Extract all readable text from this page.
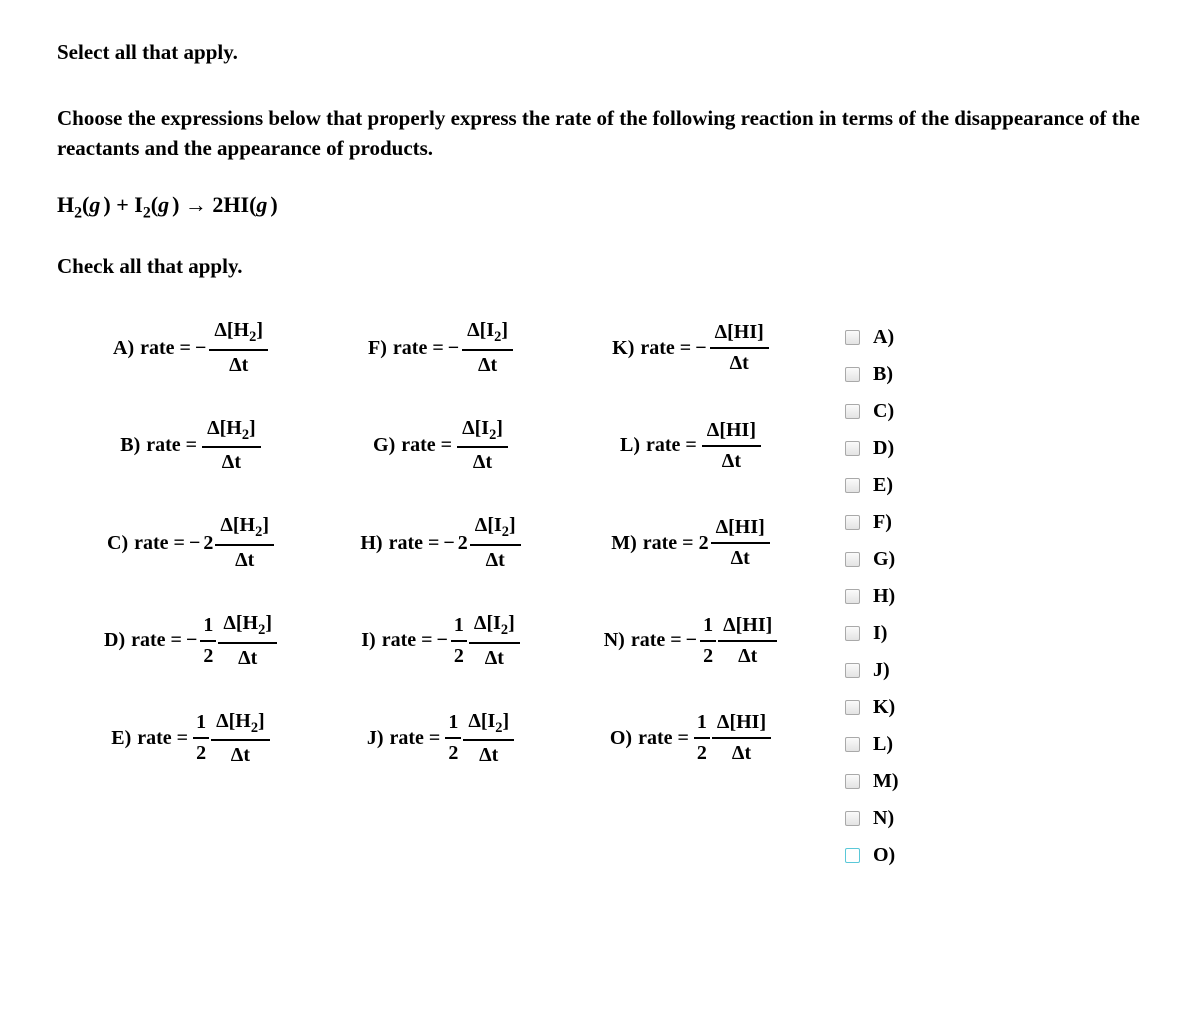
Select all that apply.

Choose the expressions below that properly express the rate of the following reaction in terms of the disappearance of the reactants and the appearance of products.

$H_2(g$ ) + $I_2(g$ ) → 2HI(g )

Check all that apply.

A) rate = − $\frac{\Delta[H_2]}{\Delta t}$	F) rate = − $\frac{\Delta[I_2]}{\Delta t}$	K) rate = − $\frac{\Delta[HI]}{\Delta t}$
B) rate = $\frac{\Delta[H_2]}{\Delta t}$	G) rate = $\frac{\Delta[I_2]}{\Delta t}$	L) rate = $\frac{\Delta[HI]}{\Delta t}$
C) rate = − $2 \frac{\Delta[H_2]}{\Delta t}$	H) rate = − $2 \frac{\Delta[I_2]}{\Delta t}$	M) rate = $2 \frac{\Delta[HI]}{\Delta t}$
D) rate = − $\frac{1}{2} \frac{\Delta[H_2]}{\Delta t}$	I) rate = − $\frac{1}{2} \frac{\Delta[I_2]}{\Delta t}$	N) rate = − $\frac{1}{2} \frac{\Delta[HI]}{\Delta t}$
E) rate = $\frac{1}{2} \frac{\Delta[H_2]}{\Delta t}$	J) rate = $\frac{1}{2} \frac{\Delta[I_2]}{\Delta t}$	O) rate = $\frac{1}{2} \frac{\Delta[HI]}{\Delta t}$
A)
B)
C)
D)
E)
F)
G)
H)
I)
J)
K)
L)
M)
N)
O)
